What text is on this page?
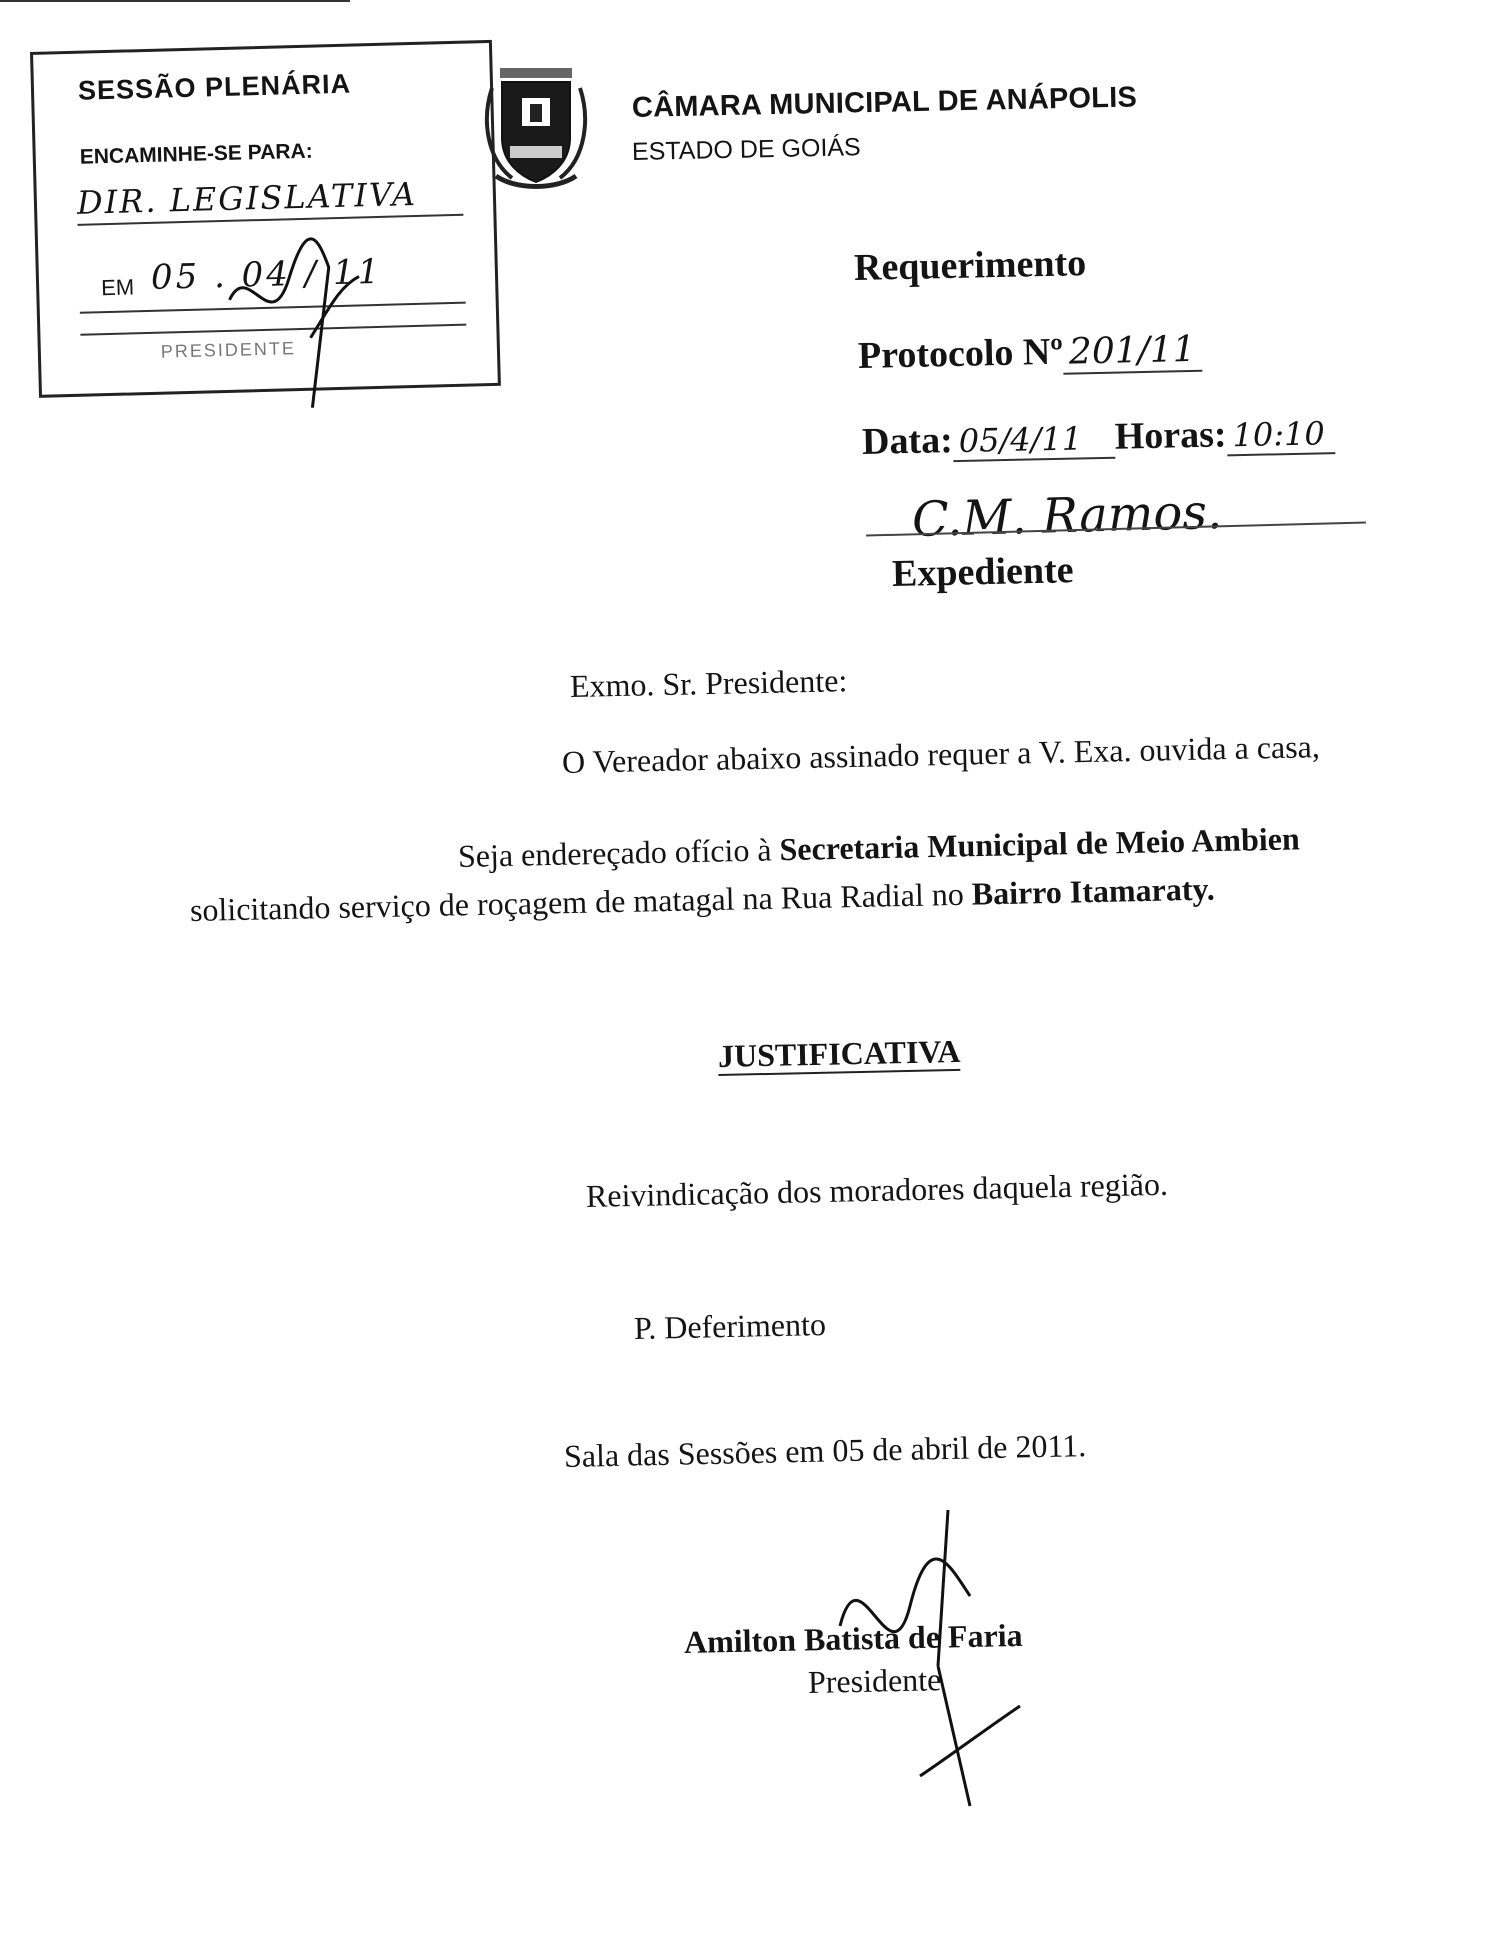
SESSÃO PLENÁRIA
ENCAMINHE-SE PARA:
DIR. LEGISLATIVA
EM 05 . 04 / 11
PRESIDENTE
CÂMARA MUNICIPAL DE ANÁPOLIS
ESTADO DE GOIÁS
Requerimento
Protocolo Nº 201/11
Data: 05/4/11 Horas: 10:10
C.M. Ramos.
Expediente
Exmo. Sr. Presidente:
O Vereador abaixo assinado requer a V. Exa. ouvida a casa,
Seja endereçado ofício à Secretaria Municipal de Meio Ambien
solicitando serviço de roçagem de matagal na Rua Radial no Bairro Itamaraty.
JUSTIFICATIVA
Reivindicação dos moradores daquela região.
P. Deferimento
Sala das Sessões em 05 de abril de 2011.
Amilton Batista de Faria
Presidente
